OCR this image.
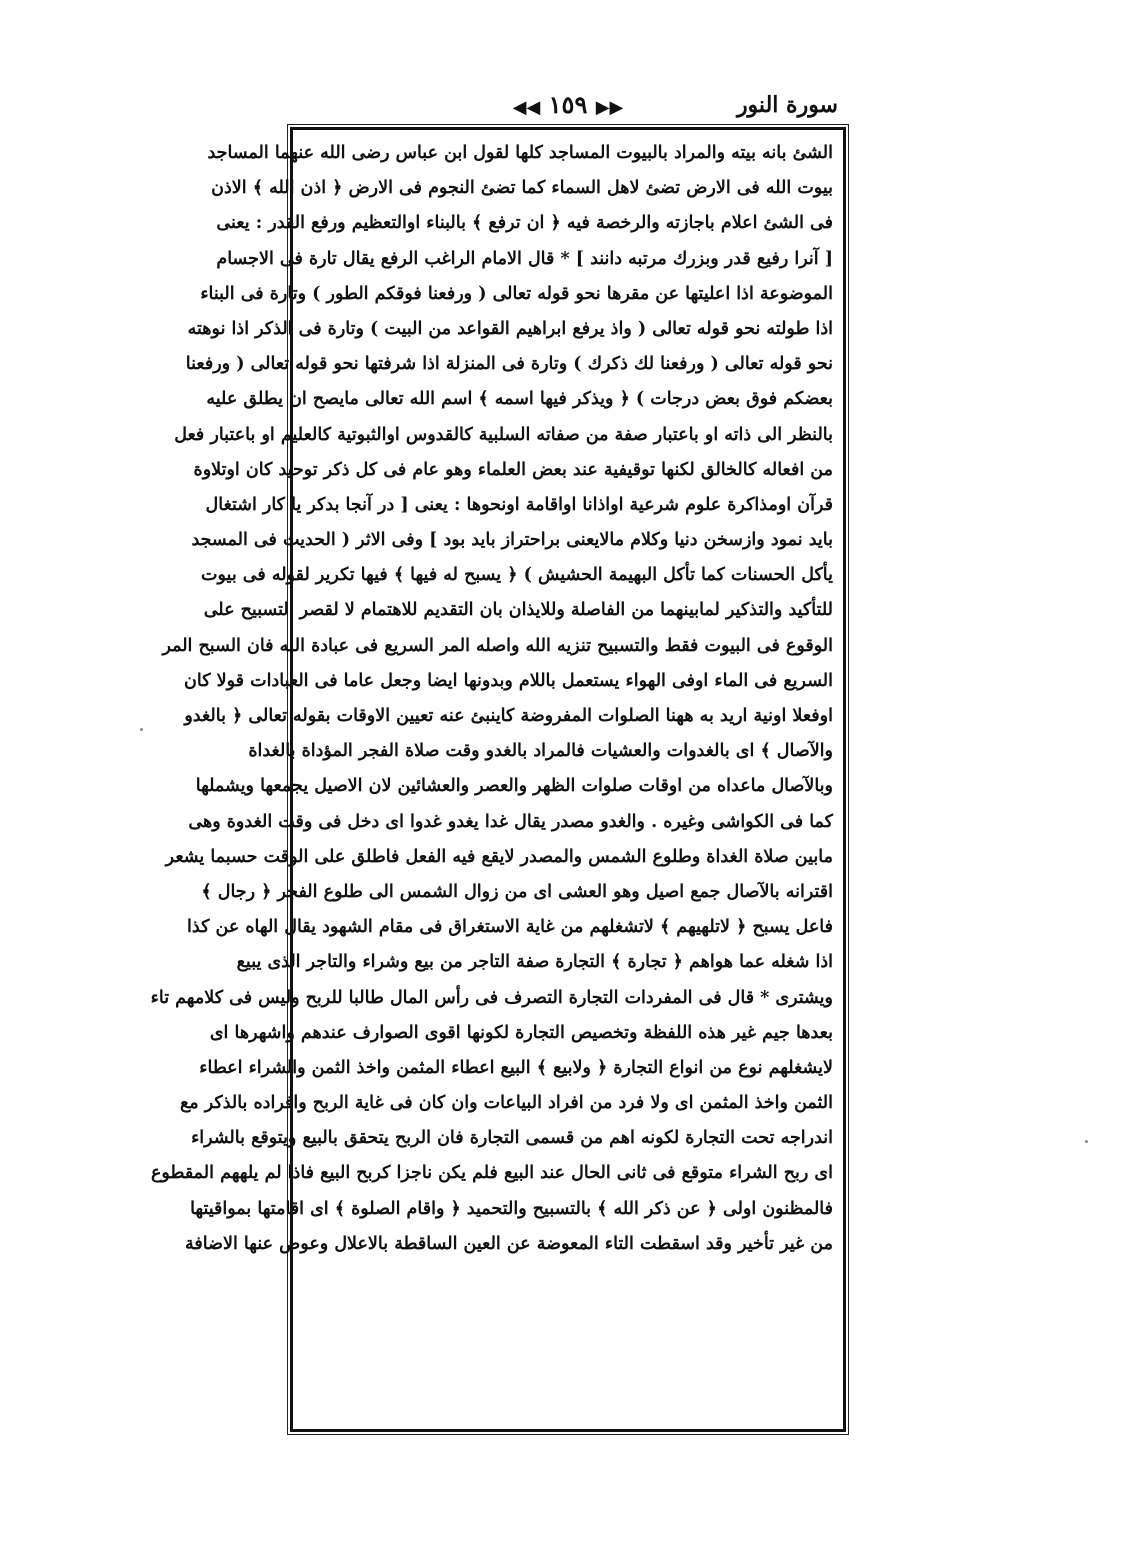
سورة النور
◀◀ ١٥٩ ▶▶
الشئ بانه بيته والمراد بالبيوت المساجد كلها لقول ابن عباس رضى الله عنهما المساجد
بيوت الله فى الارض تضئ لاهل السماء كما تضئ النجوم فى الارض ﴿ اذن الله ﴾ الاذن
فى الشئ اعلام باجازته والرخصة فيه ﴿ ان ترفع ﴾ بالبناء اوالتعظيم ورفع القدر : يعنى
[ آنرا رفيع قدر وبزرك مرتبه دانند ] * قال الامام الراغب الرفع يقال تارة فى الاجسام
الموضوعة اذا اعليتها عن مقرها نحو قوله تعالى ( ورفعنا فوقكم الطور ) وتارة فى البناء
اذا طولته نحو قوله تعالى ( واذ يرفع ابراهيم القواعد من البيت ) وتارة فى الذكر اذا نوهته
نحو قوله تعالى ( ورفعنا لك ذكرك ) وتارة فى المنزلة اذا شرفتها نحو قوله تعالى ( ورفعنا
بعضكم فوق بعض درجات ) ﴿ ويذكر فيها اسمه ﴾ اسم الله تعالى مايصح ان يطلق عليه
بالنظر الى ذاته او باعتبار صفة من صفاته السلبية كالقدوس اوالثبوتية كالعليم او باعتبار فعل
من افعاله كالخالق لكنها توقيفية عند بعض العلماء وهو عام فى كل ذكر توحيد كان اوتلاوة
قرآن اومذاكرة علوم شرعية اواذانا اواقامة اونحوها : يعنى [ در آنجا بدكر يا كار اشتغال
بايد نمود وازسخن دنيا وكلام مالايعنى براحتراز بايد بود ] وفى الاثر ( الحديث فى المسجد
يأكل الحسنات كما تأكل البهيمة الحشيش ) ﴿ يسبح له فيها ﴾ فيها تكرير لقوله فى بيوت
للتأكيد والتذكير لمابينهما من الفاصلة وللايذان بان التقديم للاهتمام لا لقصر التسبيح على
الوقوع فى البيوت فقط والتسبيح تنزيه الله واصله المر السريع فى عبادة الله فان السبح المر
السريع فى الماء اوفى الهواء يستعمل باللام وبدونها ايضا وجعل عاما فى العبادات قولا كان
اوفعلا اونية اريد به ههنا الصلوات المفروضة كاينبئ عنه تعيين الاوقات بقوله تعالى ﴿ بالغدو
والآصال ﴾ اى بالغدوات والعشيات فالمراد بالغدو وقت صلاة الفجر المؤداة بالغداة
وبالآصال ماعداه من اوقات صلوات الظهر والعصر والعشائين لان الاصيل يجمعها ويشملها
كما فى الكواشى وغيره . والغدو مصدر يقال غدا يغدو غدوا اى دخل فى وقت الغدوة وهى
مابين صلاة الغداة وطلوع الشمس والمصدر لايقع فيه الفعل فاطلق على الوقت حسبما يشعر
اقترانه بالآصال جمع اصيل وهو العشى اى من زوال الشمس الى طلوع الفجر ﴿ رجال ﴾
فاعل يسبح ﴿ لاتلهيهم ﴾ لاتشغلهم من غاية الاستغراق فى مقام الشهود يقال الهاه عن كذا
اذا شغله عما هواهم ﴿ تجارة ﴾ التجارة صفة التاجر من بيع وشراء والتاجر الذى يبيع
ويشترى * قال فى المفردات التجارة التصرف فى رأس المال طالبا للربح وليس فى كلامهم تاء
بعدها جيم غير هذه اللفظة وتخصيص التجارة لكونها اقوى الصوارف عندهم واشهرها اى
لايشغلهم نوع من انواع التجارة ﴿ ولابيع ﴾ البيع اعطاء المثمن واخذ الثمن والشراء اعطاء
الثمن واخذ المثمن اى ولا فرد من افراد البياعات وان كان فى غاية الربح وافراده بالذكر مع
اندراجه تحت التجارة لكونه اهم من قسمى التجارة فان الربح يتحقق بالبيع ويتوقع بالشراء
اى ربح الشراء متوقع فى ثانى الحال عند البيع فلم يكن ناجزا كربح البيع فاذا لم يلههم المقطوع
فالمظنون اولى ﴿ عن ذكر الله ﴾ بالتسبيح والتحميد ﴿ واقام الصلوة ﴾ اى اقامتها بمواقيتها
من غير تأخير وقد اسقطت التاء المعوضة عن العين الساقطة بالاعلال وعوض عنها الاضافة
